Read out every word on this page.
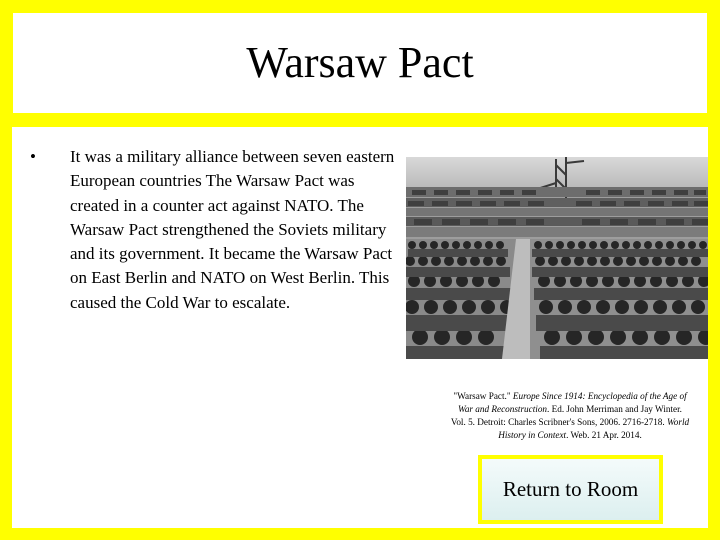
Warsaw Pact
•	It was a military alliance between seven eastern European countries The Warsaw Pact was created in a counter act against NATO. The Warsaw Pact strengthened the Soviets military and its government. It became the Warsaw Pact on East Berlin and NATO on West Berlin. This caused the Cold War to escalate.
"Warsaw Pact." Europe Since 1914: Encyclopedia of the Age of War and Reconstruction. Ed. John Merriman and Jay Winter. Vol. 5. Detroit: Charles Scribner's Sons, 2006. 2716-2718. World History in Context. Web. 21 Apr. 2014.
Return to Room
